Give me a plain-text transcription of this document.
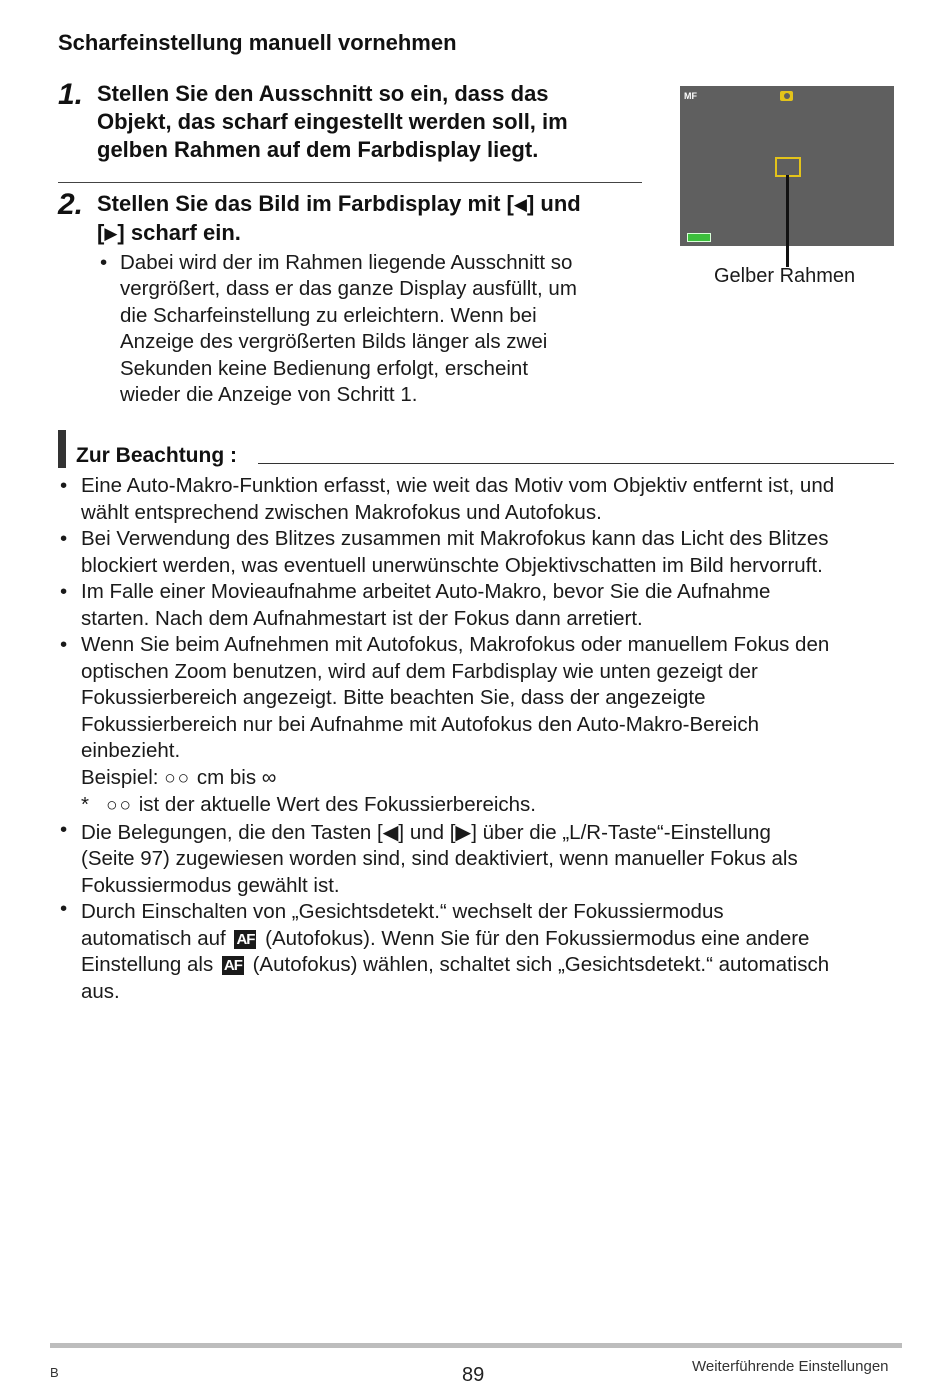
Scharfeinstellung manuell vornehmen
1. Stellen Sie den Ausschnitt so ein, dass das
Objekt, das scharf eingestellt werden soll, im
gelben Rahmen auf dem Farbdisplay liegt.
2. Stellen Sie das Bild im Farbdisplay mit [◀] und
[▶] scharf ein.
• Dabei wird der im Rahmen liegende Ausschnitt so
vergrößert, dass er das ganze Display ausfüllt, um
die Scharfeinstellung zu erleichtern. Wenn bei
Anzeige des vergrößerten Bilds länger als zwei
Sekunden keine Bedienung erfolgt, erscheint
wieder die Anzeige von Schritt 1.
MF
Gelber Rahmen
Zur Beachtung :
•
•
•
•
•
•
Eine Auto-Makro-Funktion erfasst, wie weit das Motiv vom Objektiv entfernt ist, und
wählt entsprechend zwischen Makrofokus und Autofokus.
Bei Verwendung des Blitzes zusammen mit Makrofokus kann das Licht des Blitzes
blockiert werden, was eventuell unerwünschte Objektivschatten im Bild hervorruft.
Im Falle einer Movieaufnahme arbeitet Auto-Makro, bevor Sie die Aufnahme
starten. Nach dem Aufnahmestart ist der Fokus dann arretiert.
Wenn Sie beim Aufnehmen mit Autofokus, Makrofokus oder manuellem Fokus den
optischen Zoom benutzen, wird auf dem Farbdisplay wie unten gezeigt der
Fokussierbereich angezeigt. Bitte beachten Sie, dass der angezeigte
Fokussierbereich nur bei Aufnahme mit Autofokus den Auto-Makro-Bereich
einbezieht.
Beispiel: ○○ cm bis ∞
* ○○ ist der aktuelle Wert des Fokussierbereichs.
Die Belegungen, die den Tasten [◀] und [▶] über die „L/R-Taste“-Einstellung
(Seite 97) zugewiesen worden sind, sind deaktiviert, wenn manueller Fokus als
Fokussiermodus gewählt ist.
Durch Einschalten von „Gesichtsdetekt.“ wechselt der Fokussiermodus
automatisch auf AF (Autofokus). Wenn Sie für den Fokussiermodus eine andere
Einstellung als AF (Autofokus) wählen, schaltet sich „Gesichtsdetekt.“ automatisch
aus.
B	89	Weiterführende Einstellungen
